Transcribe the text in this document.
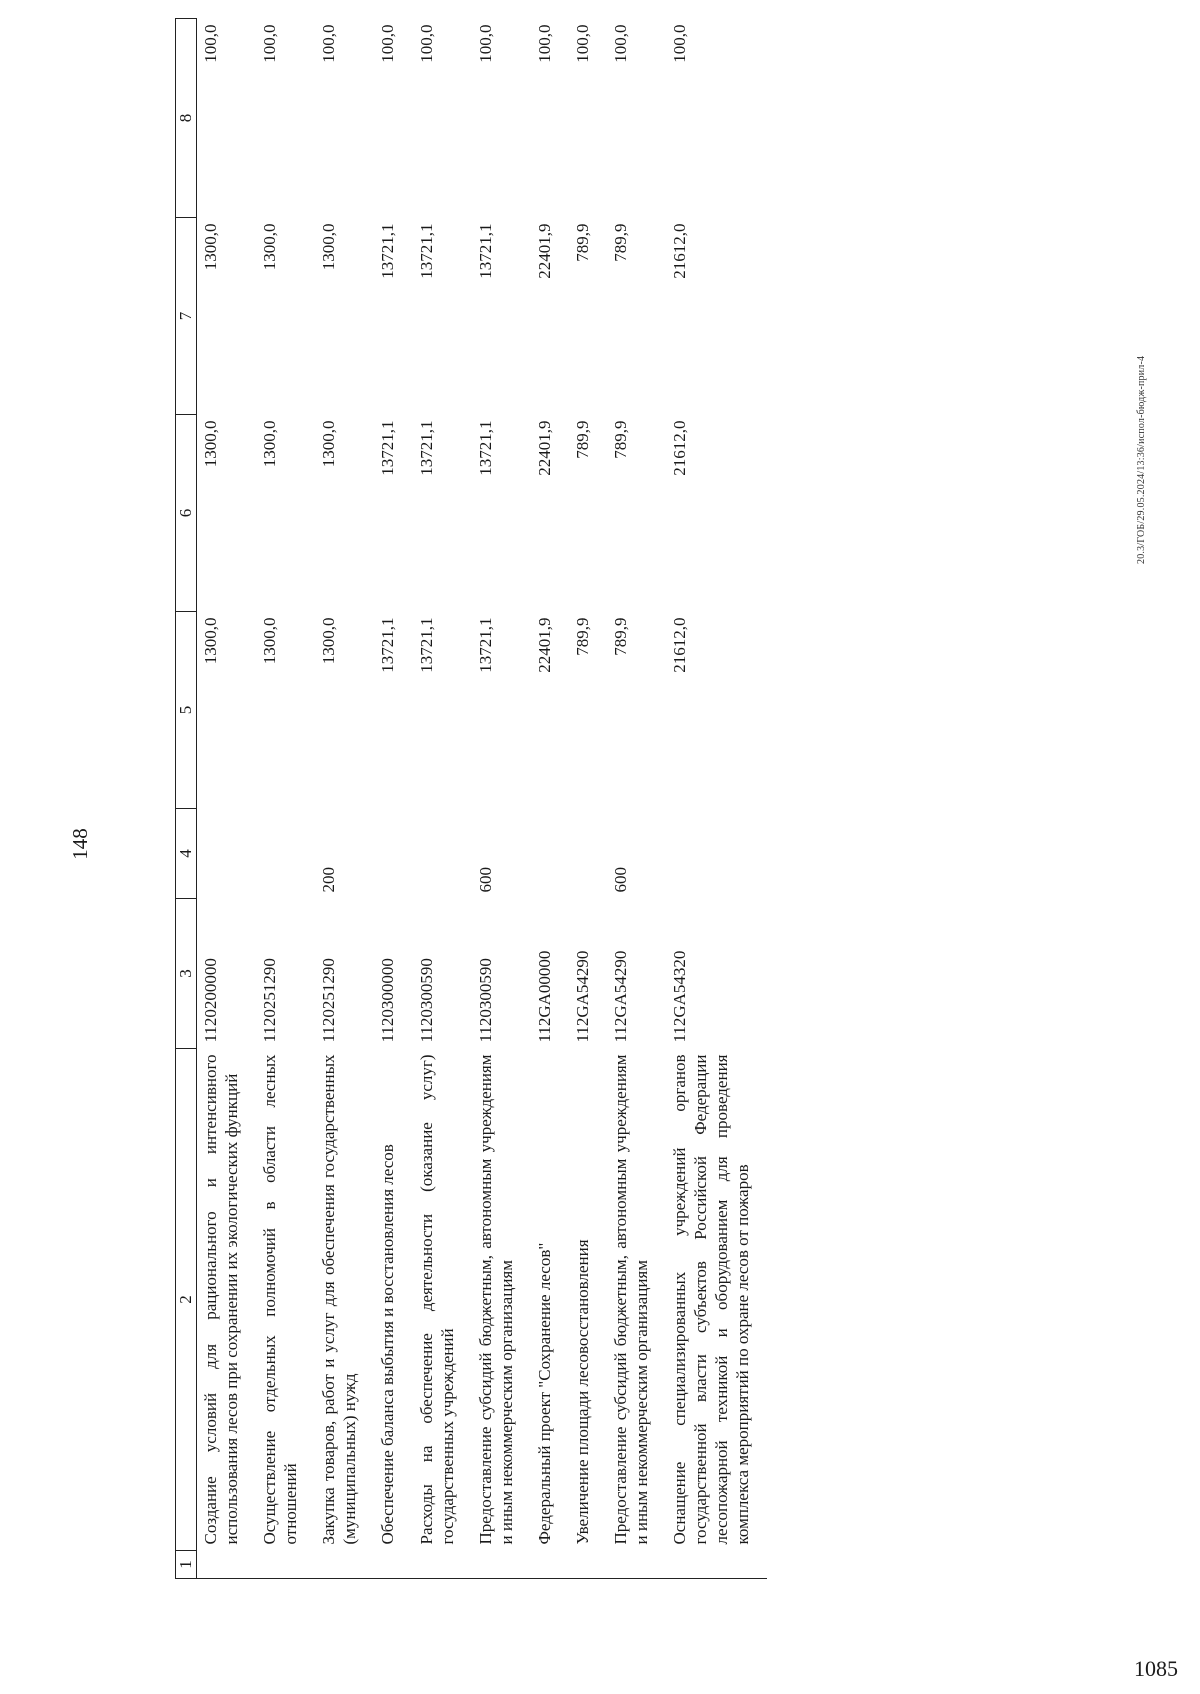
148
1	2	3	4	5	6	7	8
	Создание условий для рационального и интенсивного использования лесов при сохранении их экологических функций	1120200000		1300,0	1300,0	1300,0	100,0
	Осуществление отдельных полномочий в области лесных отношений	1120251290		1300,0	1300,0	1300,0	100,0
	Закупка товаров, работ и услуг для обеспечения государственных (муниципальных) нужд	1120251290	200	1300,0	1300,0	1300,0	100,0
	Обеспечение баланса выбытия и восстановления лесов	1120300000		13721,1	13721,1	13721,1	100,0
	Расходы на обеспечение деятельности (оказание услуг) государственных учреждений	1120300590		13721,1	13721,1	13721,1	100,0
	Предоставление субсидий бюджетным, автономным учреждениям и иным некоммерческим организациям	1120300590	600	13721,1	13721,1	13721,1	100,0
	Федеральный проект "Сохранение лесов"	112GA00000		22401,9	22401,9	22401,9	100,0
	Увеличение площади лесовосстановления	112GA54290		789,9	789,9	789,9	100,0
	Предоставление субсидий бюджетным, автономным учреждениям и иным некоммерческим организациям	112GA54290	600	789,9	789,9	789,9	100,0
	Оснащение специализированных учреждений органов государственной власти субъектов Российской Федерации лесопожарной техникой и оборудованием для проведения комплекса мероприятий по охране лесов от пожаров	112GA54320		21612,0	21612,0	21612,0	100,0
20.3/ГОБ/29.05.2024/13:36/испол-бюдж-прил-4
1085
